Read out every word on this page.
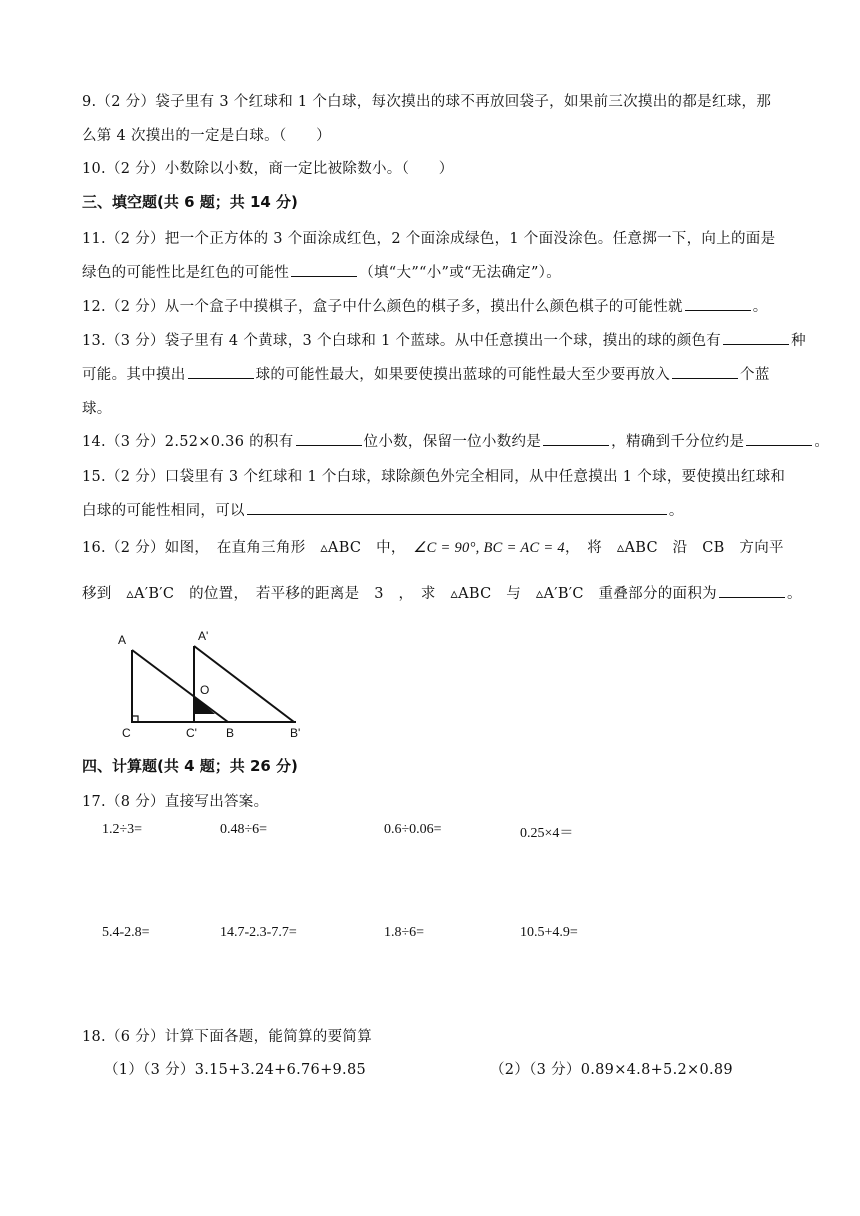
9.（2 分）袋子里有 3 个红球和 1 个白球，每次摸出的球不再放回袋子，如果前三次摸出的都是红球，那
么第 4 次摸出的一定是白球。（　　）
10.（2 分）小数除以小数，商一定比被除数小。（　　）
三、填空题(共 6 题；共 14 分)
11.（2 分）把一个正方体的 3 个面涂成红色，2 个面涂成绿色，1 个面没涂色。任意掷一下，向上的面是
绿色的可能性比是红色的可能性	（填“大”“小”或“无法确定”）。
12.（2 分）从一个盒子中摸棋子，盒子中什么颜色的棋子多，摸出什么颜色棋子的可能性就	。
13.（3 分）袋子里有 4 个黄球，3 个白球和 1 个蓝球。从中任意摸出一个球，摸出的球的颜色有	种
可能。其中摸出	球的可能性最大，如果要使摸出蓝球的可能性最大至少要再放入	个蓝
球。
14.（3 分）2.52×0.36 的积有	位小数，保留一位小数约是	，精确到千分位约是	。
15.（2 分）口袋里有 3 个红球和 1 个白球，球除颜色外完全相同，从中任意摸出 1 个球，要使摸出红球和
白球的可能性相同，可以	。
16.（2 分）如图，　在直角三角形　▵ABC　中，　∠C = 90°, BC = AC = 4，　将　▵ABC　沿　CB　方向平
移到　▵A′B′C　的位置，　若平移的距离是　3　，　求　▵ABC　与　▵A′B′C　重叠部分的面积为	。
A	A'
O
C	C' B	B'
四、计算题(共 4 题；共 26 分)
17.（8 分）直接写出答案。
1.2÷3=	0.48÷6=	0.6÷0.06=	0.25×4＝
5.4-2.8=	14.7-2.3-7.7=	1.8÷6=	10.5+4.9=
18.（6 分）计算下面各题，能简算的要简算
（1）（3 分）3.15+3.24+6.76+9.85	（2）（3 分）0.89×4.8+5.2×0.89
